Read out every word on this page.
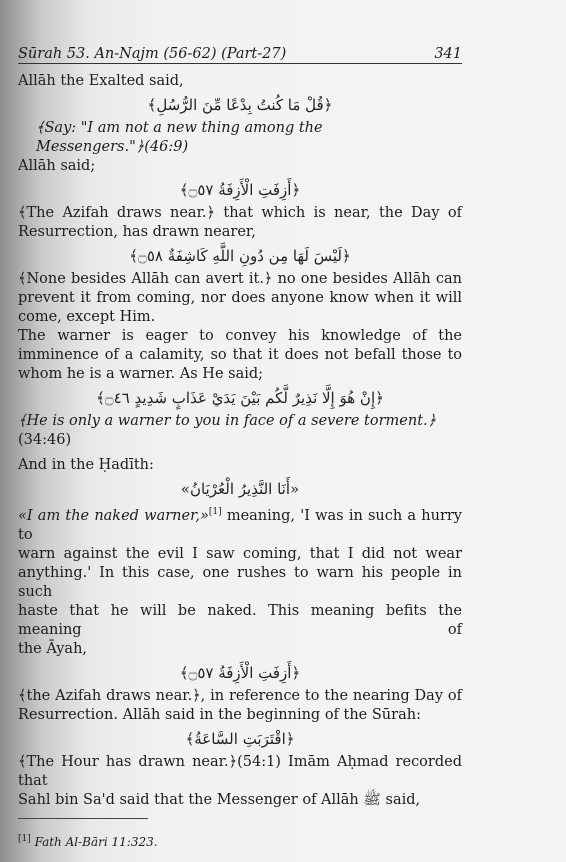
Sūrah 53. An-Najm (56-62) (Part-27)	341

Allāh the Exalted said,

﴿قُلْ مَا كُنتُ بِدْعًا مِّنَ الرُّسُلِ﴾

﴾Say: "I am not a new thing among the Messengers."﴿(46:9)

Allāh said;

﴿أَزِفَتِ الْأَزِفَةُ ۝٥٧﴾

﴾The Azifah draws near.﴿ that which is near, the Day of

Resurrection, has drawn nearer,

﴿لَيْسَ لَهَا مِن دُونِ اللَّهِ كَاشِفَةٌ ۝٥٨﴾

﴾None besides Allāh can avert it.﴿ no one besides Allāh can

prevent it from coming, nor does anyone know when it will

come, except Him.

The warner is eager to convey his knowledge of the

imminence of a calamity, so that it does not befall those to

whom he is a warner. As He said;

﴿إِنْ هُوَ إِلَّا نَذِيرٌ لَّكُم بَيْنَ يَدَيْ عَذَابٍ شَدِيدٍ ۝٤٦﴾

﴾He is only a warner to you in face of a severe torment.﴿

(34:46)

And in the Ḥadīth:

«أَنَا النَّذِيرُ الْعُرْيَانُ»

«I am the naked warner,»[1] meaning, 'I was in such a hurry to

warn against the evil I saw coming, that I did not wear

anything.' In this case, one rushes to warn his people in such

haste that he will be naked. This meaning befits the meaning of

the Āyah,

﴿أَزِفَتِ الْأَزِفَةُ ۝٥٧﴾

﴾the Azifah draws near.﴿, in reference to the nearing Day of

Resurrection. Allāh said in the beginning of the Sūrah:

﴿اقْتَرَبَتِ السَّاعَةُ﴾

﴾The Hour has drawn near.﴿(54:1) Imām Aḥmad recorded that

Sahl bin Sa'd said that the Messenger of Allāh ﷺ said,

[1] Fath Al-Bāri 11:323.
